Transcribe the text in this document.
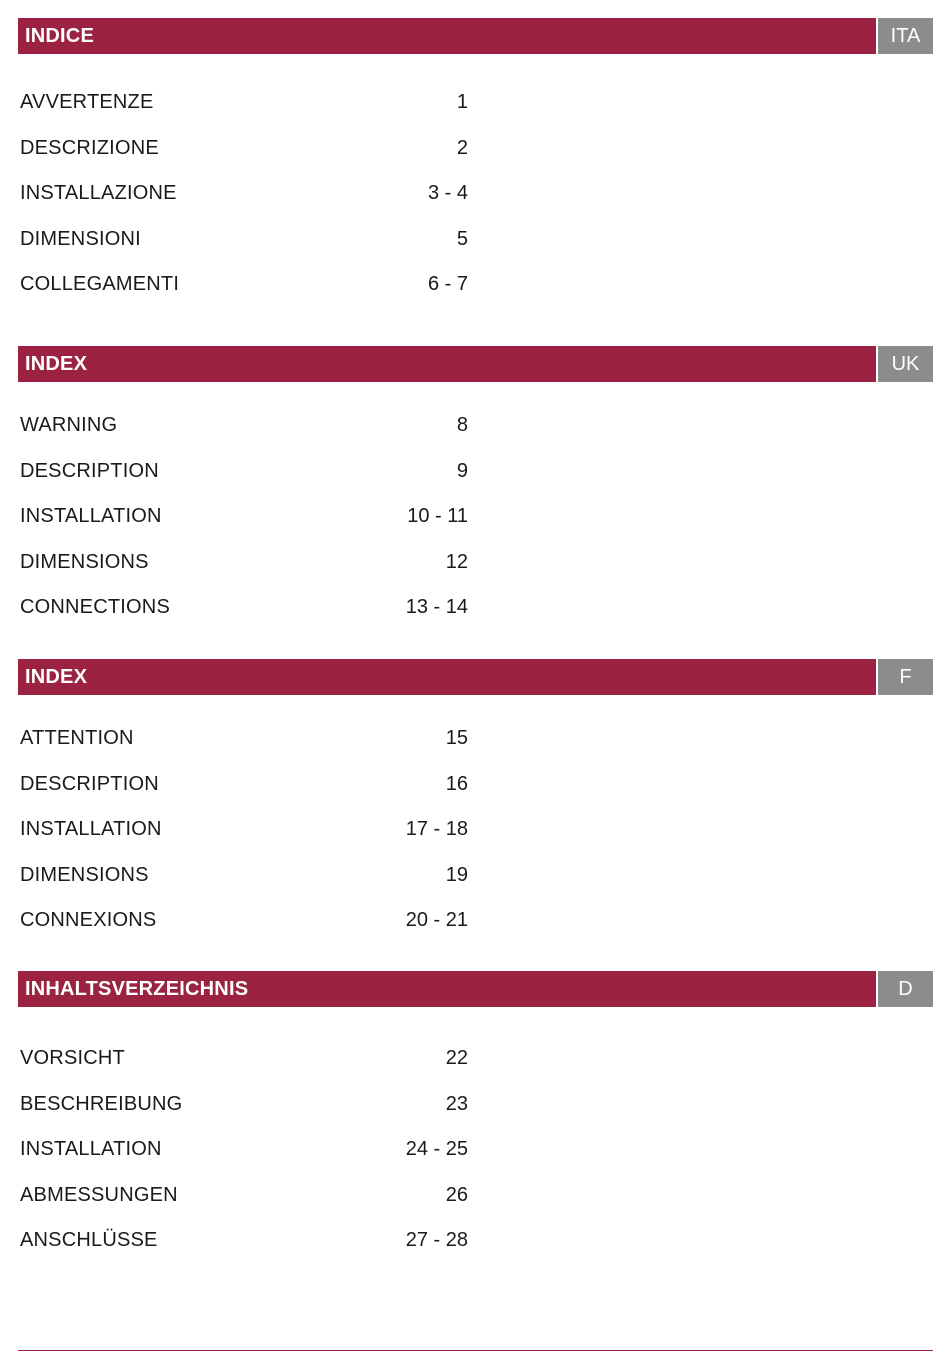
INDICE	ITA
AVVERTENZE	1
DESCRIZIONE	2
INSTALLAZIONE	3 - 4
DIMENSIONI	5
COLLEGAMENTI	6 - 7
INDEX	UK
WARNING	8
DESCRIPTION	9
INSTALLATION	10 - 11
DIMENSIONS	12
CONNECTIONS	13 - 14
INDEX	F
ATTENTION	15
DESCRIPTION	16
INSTALLATION	17 - 18
DIMENSIONS	19
CONNEXIONS	20 - 21
INHALTSVERZEICHNIS	D
VORSICHT	22
BESCHREIBUNG	23
INSTALLATION	24 - 25
ABMESSUNGEN	26
ANSCHLÜSSE	27 - 28
